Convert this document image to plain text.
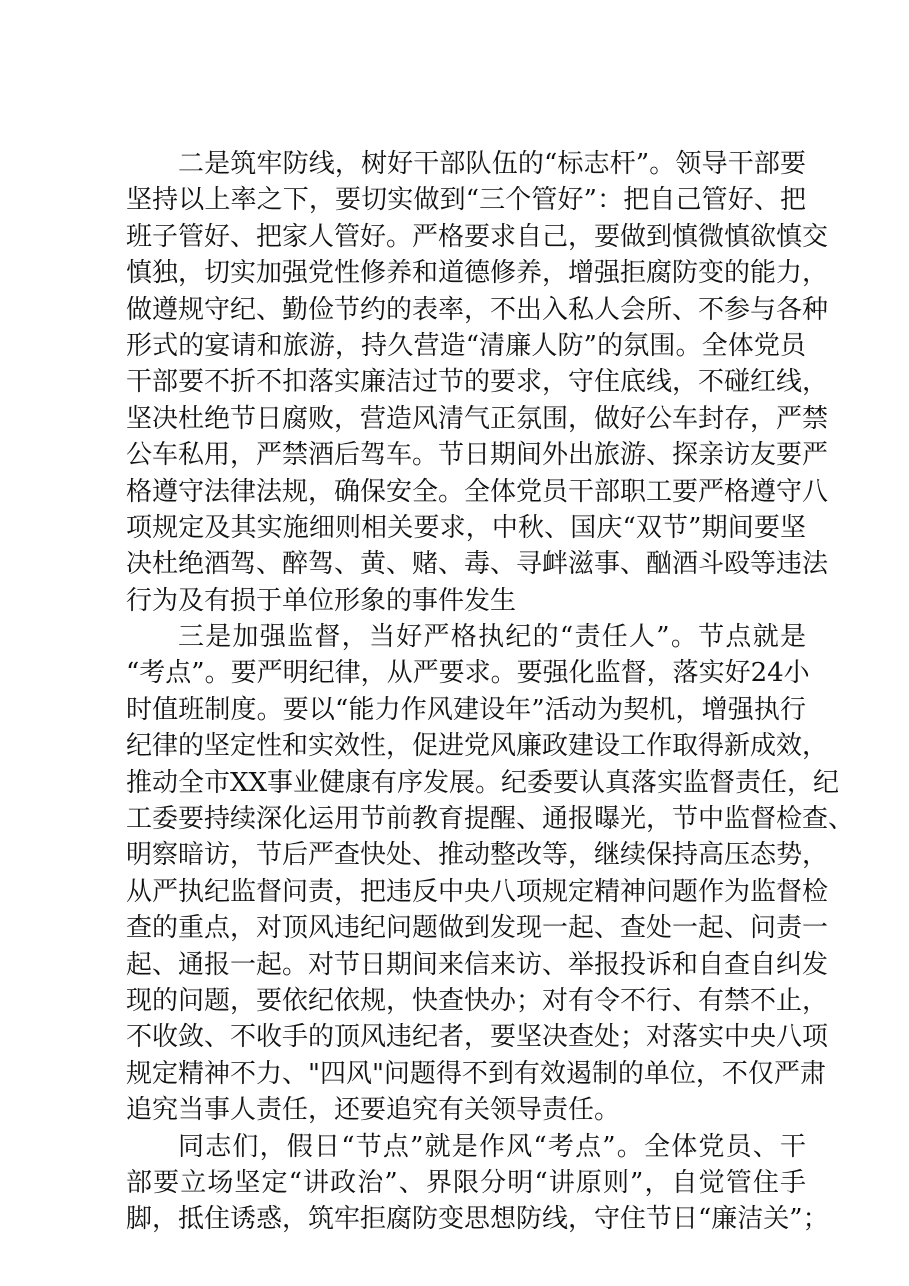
二是筑牢防线，树好干部队伍的“标志杆”。领导干部要
坚持以上率之下，要切实做到“三个管好”：把自己管好、把
班子管好、把家人管好。严格要求自己，要做到慎微慎欲慎交
慎独，切实加强党性修养和道德修养，增强拒腐防变的能力，
做遵规守纪、勤俭节约的表率，不出入私人会所、不参与各种
形式的宴请和旅游，持久营造“清廉人防”的氛围。全体党员
干部要不折不扣落实廉洁过节的要求，守住底线，不碰红线，
坚决杜绝节日腐败，营造风清气正氛围，做好公车封存，严禁
公车私用，严禁酒后驾车。节日期间外出旅游、探亲访友要严
格遵守法律法规，确保安全。全体党员干部职工要严格遵守八
项规定及其实施细则相关要求，中秋、国庆“双节”期间要坚
决杜绝酒驾、醉驾、黄、赌、毒、寻衅滋事、酗酒斗殴等违法
行为及有损于单位形象的事件发生
三是加强监督，当好严格执纪的“责任人”。节点就是
“考点”。要严明纪律，从严要求。要强化监督，落实好24小
时值班制度。要以“能力作风建设年”活动为契机，增强执行
纪律的坚定性和实效性，促进党风廉政建设工作取得新成效，
推动全市XX事业健康有序发展。纪委要认真落实监督责任，纪
工委要持续深化运用节前教育提醒、通报曝光，节中监督检查、
明察暗访，节后严查快处、推动整改等，继续保持高压态势，
从严执纪监督问责，把违反中央八项规定精神问题作为监督检
查的重点，对顶风违纪问题做到发现一起、查处一起、问责一
起、通报一起。对节日期间来信来访、举报投诉和自查自纠发
现的问题，要依纪依规，快查快办；对有令不行、有禁不止，
不收敛、不收手的顶风违纪者，要坚决查处；对落实中央八项
规定精神不力、"四风"问题得不到有效遏制的单位，不仅严肃
追究当事人责任，还要追究有关领导责任。
同志们，假日“节点”就是作风“考点”。全体党员、干
部要立场坚定“讲政治”、界限分明“讲原则”，自觉管住手
脚，抵住诱惑，筑牢拒腐防变思想防线，守住节日“廉洁关”；
